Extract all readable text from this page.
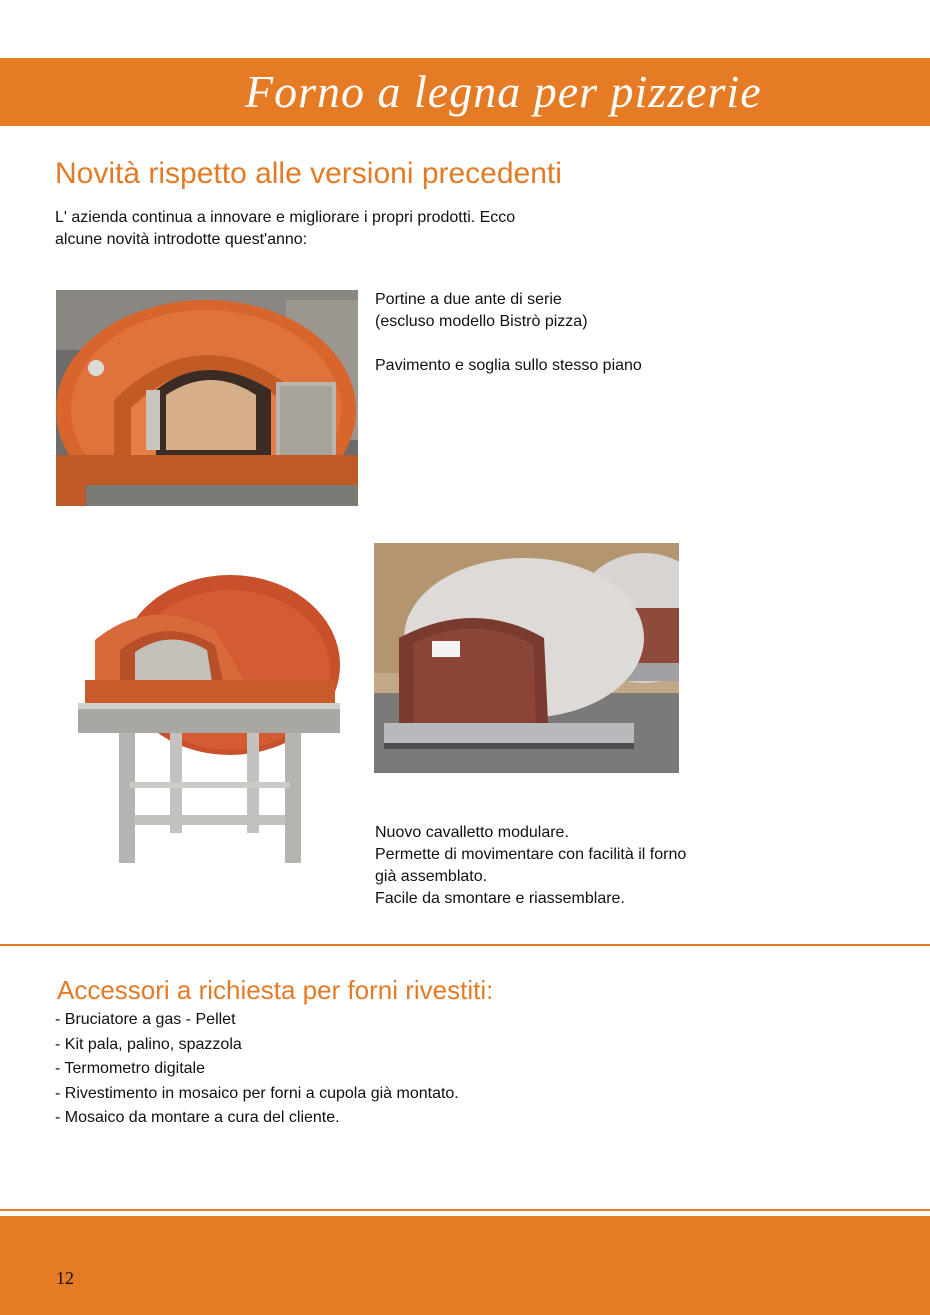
Forno a legna per pizzerie
Novità rispetto alle versioni precedenti
L' azienda continua a innovare e migliorare i propri prodotti. Ecco
alcune novità introdotte quest'anno:
Portine a due ante di serie
(escluso modello Bistrò pizza)
Pavimento e soglia sullo stesso piano
Nuovo cavalletto modulare.
Permette di movimentare con facilità il forno
già assemblato.
Facile da smontare e riassemblare.
Accessori a richiesta per forni rivestiti:
- Bruciatore a gas - Pellet
- Kit pala, palino, spazzola
- Termometro digitale
- Rivestimento in mosaico per forni a cupola già montato.
- Mosaico da montare a cura del cliente.
12
